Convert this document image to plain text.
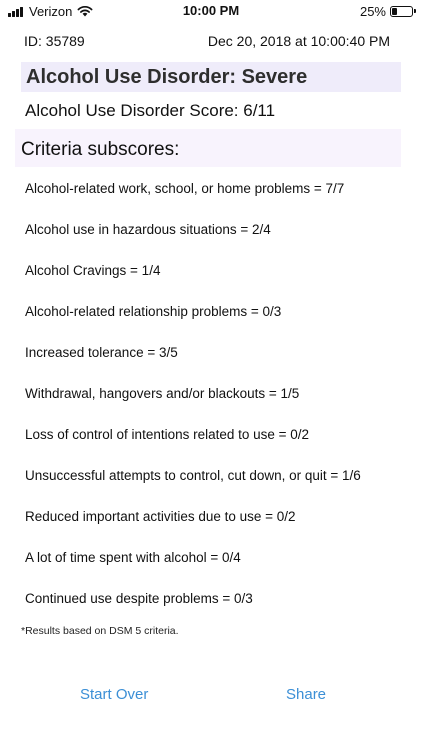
Verizon	10:00 PM	25%
ID: 35789	Dec 20, 2018 at 10:00:40 PM
Alcohol Use Disorder: Severe
Alcohol Use Disorder Score: 6/11
Criteria subscores:
Alcohol-related work, school, or home problems = 7/7
Alcohol use in hazardous situations = 2/4
Alcohol Cravings = 1/4
Alcohol-related relationship problems = 0/3
Increased tolerance = 3/5
Withdrawal, hangovers and/or blackouts = 1/5
Loss of control of intentions related to use = 0/2
Unsuccessful attempts to control, cut down, or quit = 1/6
Reduced important activities due to use = 0/2
A lot of time spent with alcohol = 0/4
Continued use despite problems = 0/3
*Results based on DSM 5 criteria.
Start Over	Share
